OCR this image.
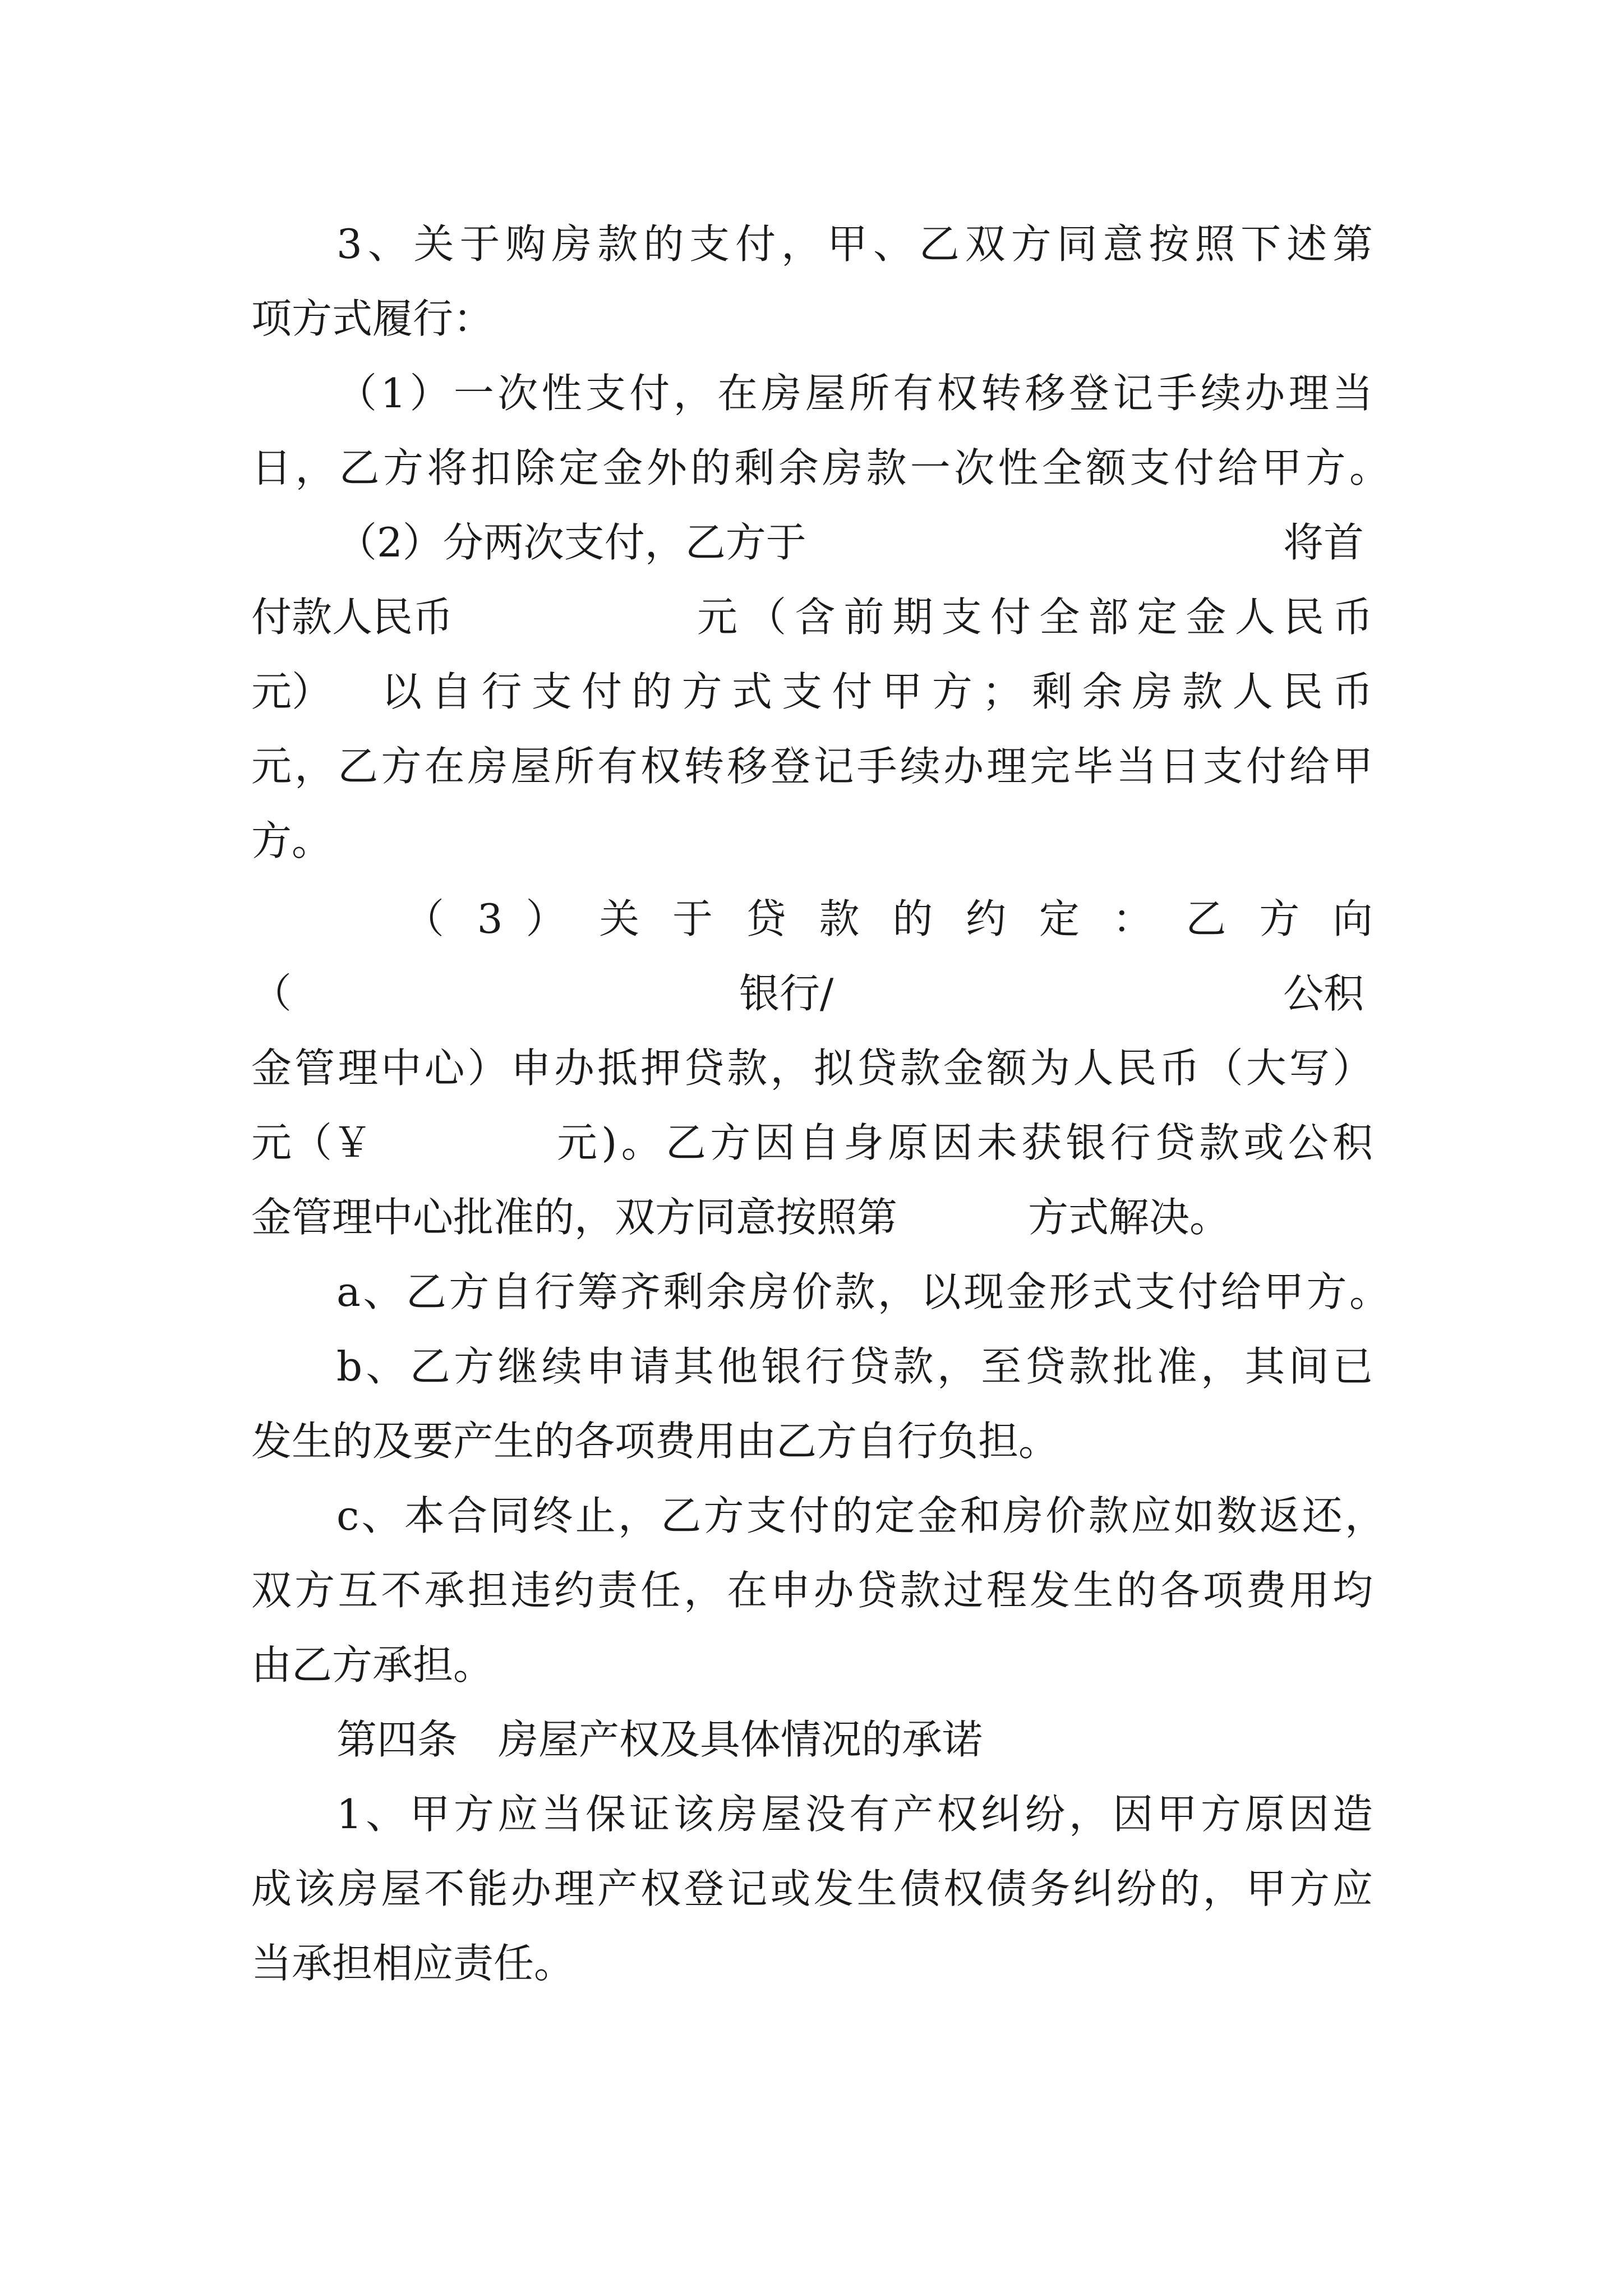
3、关于购房款的支付，甲、乙双方同意按照下述第
项方式履行：
（1）一次性支付，在房屋所有权转移登记手续办理当
日，乙方将扣除定金外的剩余房款一次性全额支付给甲方。
（2）分两次支付，乙方于	将首
付款人民币	元（含前期支付全部定金人民币
元） 以自行支付的方式支付甲方；剩余房款人民币
元，乙方在房屋所有权转移登记手续办理完毕当日支付给甲
方。
（ 3 ） 关 于 贷 款 的 约 定 ： 乙 方 向
（	银行/	公积
金管理中心）申办抵押贷款，拟贷款金额为人民币（大写）
元（￥	元)。乙方因自身原因未获银行贷款或公积
金管理中心批准的，双方同意按照第	方式解决。
a、乙方自行筹齐剩余房价款，以现金形式支付给甲方。
b、乙方继续申请其他银行贷款，至贷款批准，其间已
发生的及要产生的各项费用由乙方自行负担。
c、本合同终止，乙方支付的定金和房价款应如数返还，
双方互不承担违约责任，在申办贷款过程发生的各项费用均
由乙方承担。
第四条　房屋产权及具体情况的承诺
1、甲方应当保证该房屋没有产权纠纷，因甲方原因造
成该房屋不能办理产权登记或发生债权债务纠纷的，甲方应
当承担相应责任。
